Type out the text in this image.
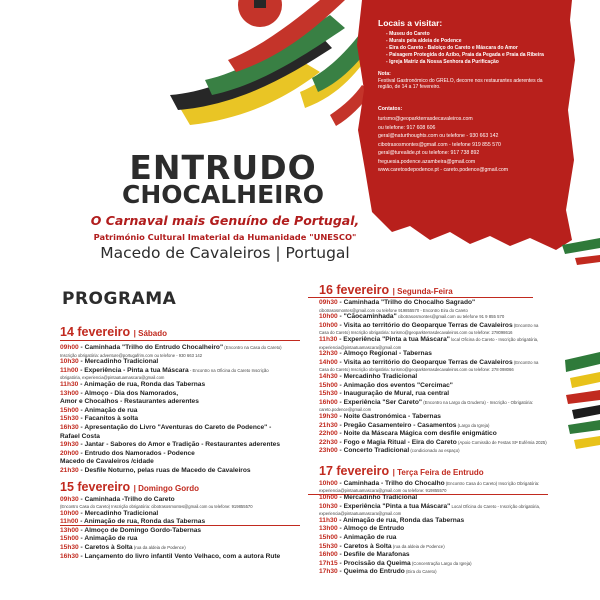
Locais a visitar:
- Museu do Careto
- Murais pela aldeia de Podence
- Eira do Careto - Baloiço do Careto e Máscara do Amor
- Paisagem Protegida do Azibo, Praia da Pegada e Praia da Ribeira
- Igreja Matriz da Nossa Senhora da Purificação
Nota:
Festival Gastronómico do GRELO, decorre nos restaurantes aderentes da região, de 14 a 17 fevereiro.
Contatos:
turismo@geoparkterrasdecavaleiros.com
ou telefone: 917 608 606
geral@naturthoughts.com ou telefone - 930 663 142
cibotrasosmontes@gmail.com - telefone 919 855 570
geral@turealide.pt ou telefone: 917 738 892
freguesia.podence.azambeira@gmail.com
www.caretosdepodence.pt - careto.podence@gmail.com
ENTRUDO
CHOCALHEIRO
O Carnaval mais Genuíno de Portugal,
Património Cultural Imaterial da Humanidade "UNESCO"
Macedo de Cavaleiros | Portugal
PROGRAMA
14 fevereiro | Sábado
09h00 - Caminhada "Trilho do Entrudo Chocalheiro" (Encontro na Casa do Careto)
Inscrição obrigatória: adventure@portugafrim.com ou telefone - 930 663 142
10h30 - Mercadinho Tradicional
11h00 - Experiência - Pinta a tua Máscara - Encontro na Oficina do Careto Inscrição
obrigatória, experiencia@pintaatuamascara@gmail.com
11h30 - Animação de rua, Ronda das Tabernas
13h00 - Almoço - Dia dos Namorados,
Amor e Chocalhos - Restaurantes aderentes
15h00 - Animação de rua
15h30 - Facanitos à solta
16h30 - Apresentação do Livro "Aventuras do Careto de Podence" -
Rafael Costa
19h30 - Jantar - Sabores do Amor e Tradição - Restaurantes aderentes
20h00 - Entrudo dos Namorados - Podence
Macedo de Cavaleiros /cidade
21h30 - Desfile Noturno, pelas ruas de Macedo de Cavaleiros
15 fevereiro | Domingo Gordo
09h30 - Caminhada -Trilho do Careto
(Encontro Casa do Careto) Inscrição obrigatória: cibotrasosmontes@gmail.com ou telefone: 919855570
10h00 - Mercadinho Tradicional
11h00 - Animação de rua, Ronda das Tabernas
13h00 - Almoço de Domingo Gordo-Tabernas
15h00 - Animação de rua
15h30 - Caretos à Solta (rua da aldeia de Podence)
16h30 - Lançamento do livro infantil Vento Velhaco, com a autora Rute
16 fevereiro | Segunda-Feira
09h30 - Caminhada "Trilho do Chocalho Sagrado"
cibotrasosmontes@gmail.com ou telefone 919855570 - Encontro Eira do Careto
10h00 - "Cãocaminhada" cibotrasosmontes@gmail.com ou telefone 91 9 855 570
10h00 - Visita ao território do Geoparque Terras de Cavaleiros (Encontro na
Casa do Careto) Inscrição obrigatória: turismo@geoparkterrasdecavaleiros.com ou telefone: 278098616
11h30 - Experiência "Pinta a tua Máscara" local Oficina do Careto - Inscrição obrigatória,
experiencia@pintaatuamascara@gmail.com
12h30 - Almoço Regional - Tabernas
14h00 - Visita ao território do Geoparque Terras de Cavaleiros (Encontro na
Casa do Careto) Inscrição obrigatória: turismo@geoparkterrasdecavaleiros.com ou telefone: 278 098066
14h30 - Mercadinho Tradicional
15h00 - Animação dos eventos "Cercimac"
15h30 - Inauguração de Mural, rua central
16h00 - Experiência "Ser Careto" (Encontro na Largo da Gruderra) - Inscrição - Obrigatória:
careto.podence@gmail.com
19h30 - Noite Gastronómica - Tabernas
21h30 - Pregão Casamenteiro - Casamentos (Largo da Igreja)
22h00 - Noite da Máscara Mágica com desfile enigmático
22h30 - Fogo e Magia Ritual - Eira do Careto (Apoio Comissão de Festas Stª Eufémia 2025)
23h00 - Concerto Tradicional (condicionado ao espaço)
17 fevereiro | Terça Feira de Entrudo
10h00 - Caminhada - Trilho do Chocalho (Encontro Casa do Careto) Inscrição Obrigatória:
experiencia@pintaatuamascara@gmail.com ou telefone: 919855570
10h00 - Mercadinho Tradicional
10h30 - Experiência "Pinta a tua Máscara" Local Oficina do Careto - Inscrição obrigatória,
experiencia@pintaatuamascara@gmail.com
11h30 - Animação de rua, Ronda das Tabernas
13h00 - Almoço de Entrudo
15h00 - Animação de rua
15h30 - Caretos à Solta (rua da aldeia de Podence)
16h00 - Desfile de Marafonas
17h15 - Procissão da Queima (Concentração Largo da Igreja)
17h30 - Queima do Entrudo (Eira do Careto)
